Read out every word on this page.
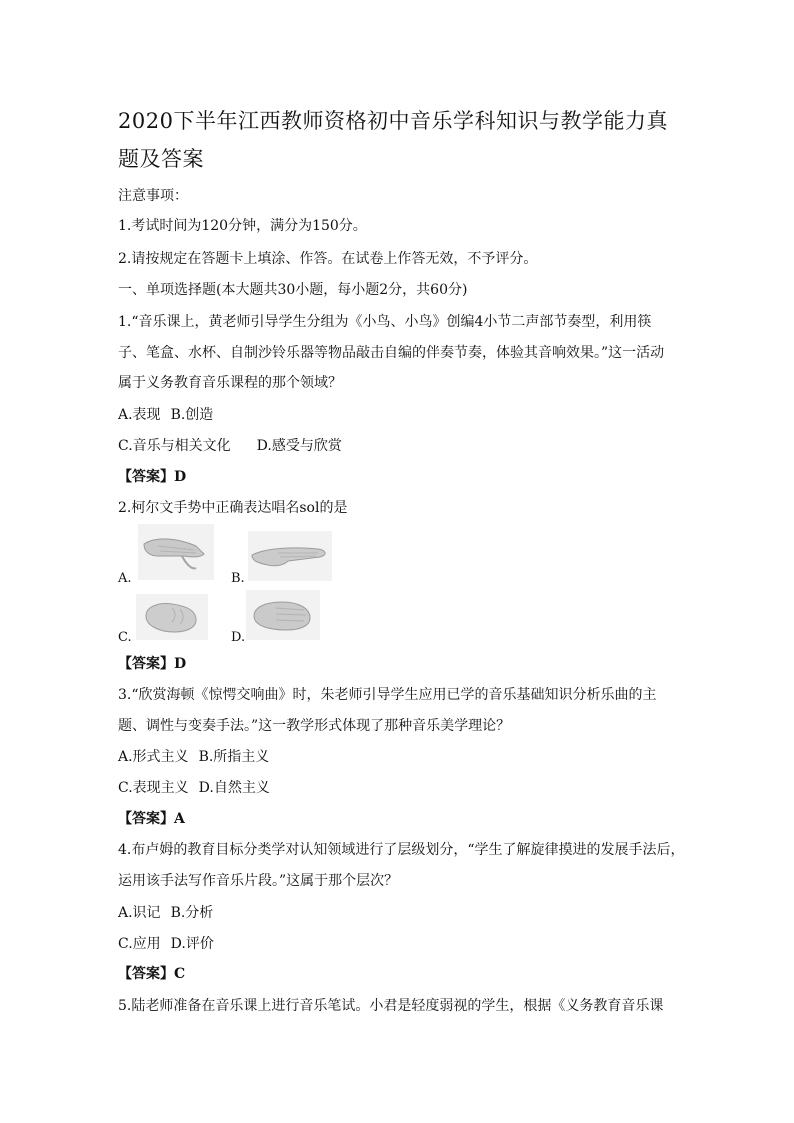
2020下半年江西教师资格初中音乐学科知识与教学能力真
题及答案
注意事项：
1.考试时间为120分钟，满分为150分。
2.请按规定在答题卡上填涂、作答。在试卷上作答无效，不予评分。
一、单项选择题(本大题共30小题，每小题2分，共60分)
1.“音乐课上，黄老师引导学生分组为《小鸟、小鸟》创编4小节二声部节奏型，利用筷
子、笔盒、水杯、自制沙铃乐器等物品敲击自编的伴奏节奏，体验其音响效果。”这一活动
属于义务教育音乐课程的那个领域？
A.表现 B.创造
C.音乐与相关文化 D.感受与欣赏
【答案】D
2.柯尔文手势中正确表达唱名sol的是
A.	B.
C.	D.
【答案】D
3.“欣赏海顿《惊愕交响曲》时，朱老师引导学生应用已学的音乐基础知识分析乐曲的主
题、调性与变奏手法。”这一教学形式体现了那种音乐美学理论？
A.形式主义 B.所指主义
C.表现主义 D.自然主义
【答案】A
4.布卢姆的教育目标分类学对认知领域进行了层级划分，“学生了解旋律摸进的发展手法后，
运用该手法写作音乐片段。”这属于那个层次？
A.识记 B.分析
C.应用 D.评价
【答案】C
5.陆老师准备在音乐课上进行音乐笔试。小君是轻度弱视的学生，根据《义务教育音乐课
